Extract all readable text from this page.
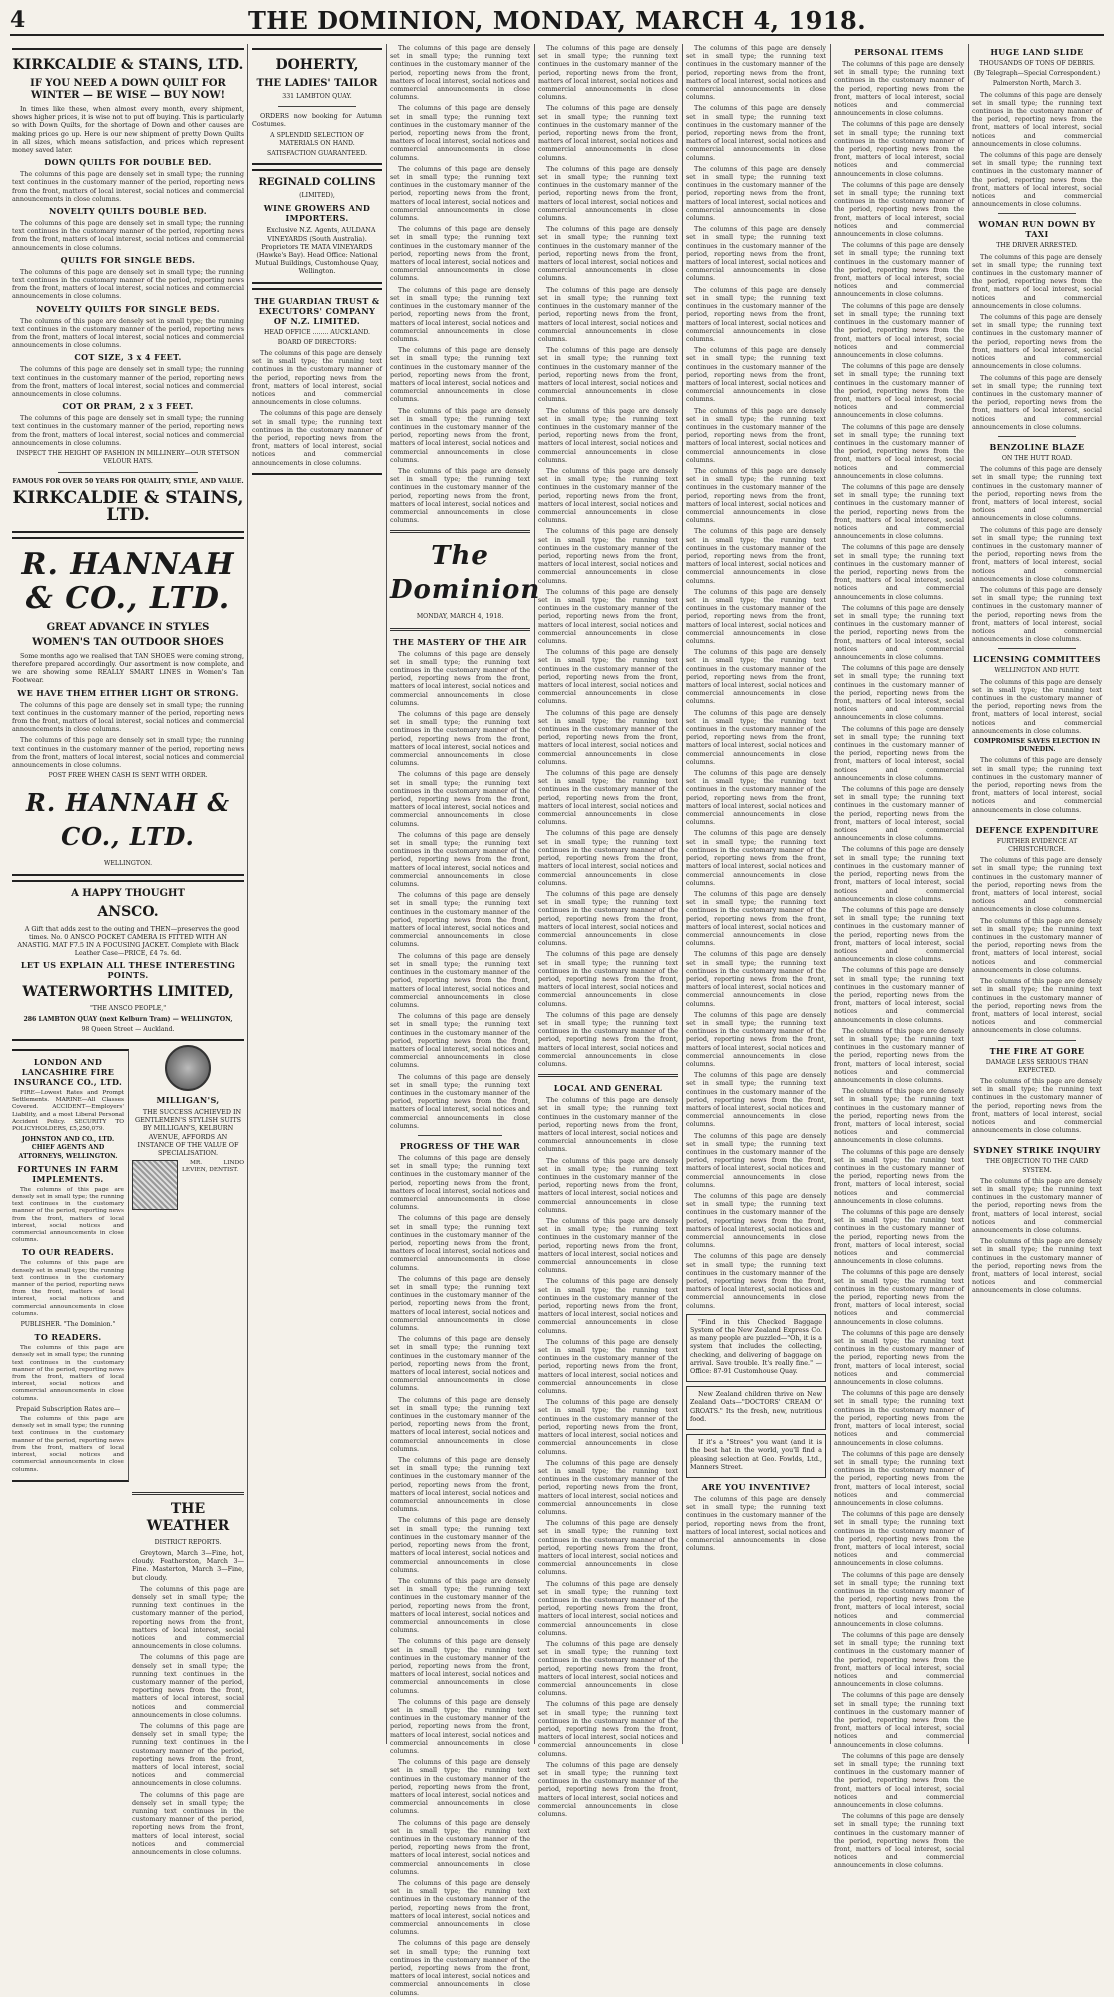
4	THE DOMINION, MONDAY, MARCH 4, 1918.
KIRKCALDIE & STAINS, LTD.
IF YOU NEED A DOWN QUILT FOR WINTER — BE WISE — BUY NOW!

In times like these, when almost every month, every shipment, shows higher prices, it is wise not to put off buying. This is particularly so with Down Quilts, for the shortage of Down and other causes are making prices go up. Here is our new shipment of pretty Down Quilts in all sizes, which means satisfaction, and prices which represent money saved later.

DOWN QUILTS FOR DOUBLE BED.

The columns of this page are densely set in small type; the running text continues in the customary manner of the period, reporting news from the front, matters of local interest, social notices and commercial announcements in close columns.

NOVELTY QUILTS DOUBLE BED.

The columns of this page are densely set in small type; the running text continues in the customary manner of the period, reporting news from the front, matters of local interest, social notices and commercial announcements in close columns.

QUILTS FOR SINGLE BEDS.

The columns of this page are densely set in small type; the running text continues in the customary manner of the period, reporting news from the front, matters of local interest, social notices and commercial announcements in close columns.

NOVELTY QUILTS FOR SINGLE BEDS.

The columns of this page are densely set in small type; the running text continues in the customary manner of the period, reporting news from the front, matters of local interest, social notices and commercial announcements in close columns.

COT SIZE, 3 x 4 FEET.

The columns of this page are densely set in small type; the running text continues in the customary manner of the period, reporting news from the front, matters of local interest, social notices and commercial announcements in close columns.

COT OR PRAM, 2 x 3 FEET.

The columns of this page are densely set in small type; the running text continues in the customary manner of the period, reporting news from the front, matters of local interest, social notices and commercial announcements in close columns.

INSPECT THE HEIGHT OF FASHION IN MILLINERY—OUR STETSON VELOUR HATS.
FAMOUS FOR OVER 50 YEARS FOR QUALITY, STYLE, AND VALUE.
KIRKCALDIE & STAINS, LTD.
R. HANNAH & CO., LTD.
GREAT ADVANCE IN STYLES
WOMEN'S TAN OUTDOOR SHOES

Some months ago we realised that TAN SHOES were coming strong, therefore prepared accordingly. Our assortment is now complete, and we are showing some REALLY SMART LINES in Women's Tan Footwear.

WE HAVE THEM EITHER LIGHT OR STRONG.

The columns of this page are densely set in small type; the running text continues in the customary manner of the period, reporting news from the front, matters of local interest, social notices and commercial announcements in close columns.

The columns of this page are densely set in small type; the running text continues in the customary manner of the period, reporting news from the front, matters of local interest, social notices and commercial announcements in close columns.

POST FREE WHEN CASH IS SENT WITH ORDER.
R. HANNAH & CO., LTD.
WELLINGTON.
A HAPPY THOUGHT
ANSCO.

A Gift that adds zest to the outing and THEN—preserves the good times. No. 0 ANSCO POCKET CAMERA IS FITTED WITH AN ANASTIG. MAT F7.5 IN A FOCUSING JACKET. Complete with Black Leather Case—PRICE, £4 7s. 6d.

LET US EXPLAIN ALL THESE INTERESTING POINTS.
WATERWORTHS LIMITED,
"THE ANSCO PEOPLE,"
286 LAMBTON QUAY (next Kelburn Tram) — WELLINGTON,
98 Queen Street — Auckland.
LONDON AND LANCASHIRE FIRE INSURANCE CO., LTD.

FIRE—Lowest Rates and Prompt Settlements. MARINE—All Classes Covered. ACCIDENT—Employers' Liability, and a most Liberal Personal Accident Policy. SECURITY TO POLICYHOLDERS, £5,250,079.

JOHNSTON AND CO., LTD. CHIEF AGENTS AND ATTORNEYS, WELLINGTON.
FORTUNES IN FARM IMPLEMENTS.

The columns of this page are densely set in small type; the running text continues in the customary manner of the period, reporting news from the front, matters of local interest, social notices and commercial announcements in close columns.

TO OUR READERS.

The columns of this page are densely set in small type; the running text continues in the customary manner of the period, reporting news from the front, matters of local interest, social notices and commercial announcements in close columns.

PUBLISHER. "The Dominion."
TO READERS.

The columns of this page are densely set in small type; the running text continues in the customary manner of the period, reporting news from the front, matters of local interest, social notices and commercial announcements in close columns.

Prepaid Subscription Rates are—

The columns of this page are densely set in small type; the running text continues in the customary manner of the period, reporting news from the front, matters of local interest, social notices and commercial announcements in close columns.

MILLIGAN'S,

THE SUCCESS ACHIEVED IN GENTLEMEN'S STYLISH SUITS BY MILLIGAN'S, KELBURN AVENUE, AFFORDS AN INSTANCE OF THE VALUE OF SPECIALISATION.

MR. LINDO LEVIEN, DENTIST.

THE WEATHER
DISTRICT REPORTS.

Greytown, March 3—Fine, hot, cloudy. Featherston, March 3—Fine. Masterton, March 3—Fine, but cloudy.

The columns of this page are densely set in small type; the running text continues in the customary manner of the period, reporting news from the front, matters of local interest, social notices and commercial announcements in close columns.

The columns of this page are densely set in small type; the running text continues in the customary manner of the period, reporting news from the front, matters of local interest, social notices and commercial announcements in close columns.

The columns of this page are densely set in small type; the running text continues in the customary manner of the period, reporting news from the front, matters of local interest, social notices and commercial announcements in close columns.

The columns of this page are densely set in small type; the running text continues in the customary manner of the period, reporting news from the front, matters of local interest, social notices and commercial announcements in close columns.

DOHERTY,
THE LADIES' TAILOR
331 LAMBTON QUAY.

ORDERS now booking for Autumn Costumes.

A SPLENDID SELECTION OF MATERIALS ON HAND.
SATISFACTION GUARANTEED.
REGINALD COLLINS
(LIMITED),
WINE GROWERS AND IMPORTERS.

Exclusive N.Z. Agents, AULDANA VINEYARDS (South Australia). Proprietors TE MATA VINEYARDS (Hawke's Bay). Head Office: National Mutual Buildings, Customhouse Quay, Wellington.

THE GUARDIAN TRUST & EXECUTORS' COMPANY OF N.Z. LIMITED.
HEAD OFFICE ........ AUCKLAND.
BOARD OF DIRECTORS:

The columns of this page are densely set in small type; the running text continues in the customary manner of the period, reporting news from the front, matters of local interest, social notices and commercial announcements in close columns.

The columns of this page are densely set in small type; the running text continues in the customary manner of the period, reporting news from the front, matters of local interest, social notices and commercial announcements in close columns.

The columns of this page are densely set in small type; the running text continues in the customary manner of the period, reporting news from the front, matters of local interest, social notices and commercial announcements in close columns.

The columns of this page are densely set in small type; the running text continues in the customary manner of the period, reporting news from the front, matters of local interest, social notices and commercial announcements in close columns.

The columns of this page are densely set in small type; the running text continues in the customary manner of the period, reporting news from the front, matters of local interest, social notices and commercial announcements in close columns.

The columns of this page are densely set in small type; the running text continues in the customary manner of the period, reporting news from the front, matters of local interest, social notices and commercial announcements in close columns.

The columns of this page are densely set in small type; the running text continues in the customary manner of the period, reporting news from the front, matters of local interest, social notices and commercial announcements in close columns.

The columns of this page are densely set in small type; the running text continues in the customary manner of the period, reporting news from the front, matters of local interest, social notices and commercial announcements in close columns.

The columns of this page are densely set in small type; the running text continues in the customary manner of the period, reporting news from the front, matters of local interest, social notices and commercial announcements in close columns.

The columns of this page are densely set in small type; the running text continues in the customary manner of the period, reporting news from the front, matters of local interest, social notices and commercial announcements in close columns.

The Dominion
MONDAY, MARCH 4, 1918.
THE MASTERY OF THE AIR

The columns of this page are densely set in small type; the running text continues in the customary manner of the period, reporting news from the front, matters of local interest, social notices and commercial announcements in close columns.

The columns of this page are densely set in small type; the running text continues in the customary manner of the period, reporting news from the front, matters of local interest, social notices and commercial announcements in close columns.

The columns of this page are densely set in small type; the running text continues in the customary manner of the period, reporting news from the front, matters of local interest, social notices and commercial announcements in close columns.

The columns of this page are densely set in small type; the running text continues in the customary manner of the period, reporting news from the front, matters of local interest, social notices and commercial announcements in close columns.

The columns of this page are densely set in small type; the running text continues in the customary manner of the period, reporting news from the front, matters of local interest, social notices and commercial announcements in close columns.

The columns of this page are densely set in small type; the running text continues in the customary manner of the period, reporting news from the front, matters of local interest, social notices and commercial announcements in close columns.

The columns of this page are densely set in small type; the running text continues in the customary manner of the period, reporting news from the front, matters of local interest, social notices and commercial announcements in close columns.

The columns of this page are densely set in small type; the running text continues in the customary manner of the period, reporting news from the front, matters of local interest, social notices and commercial announcements in close columns.

PROGRESS OF THE WAR

The columns of this page are densely set in small type; the running text continues in the customary manner of the period, reporting news from the front, matters of local interest, social notices and commercial announcements in close columns.

The columns of this page are densely set in small type; the running text continues in the customary manner of the period, reporting news from the front, matters of local interest, social notices and commercial announcements in close columns.

The columns of this page are densely set in small type; the running text continues in the customary manner of the period, reporting news from the front, matters of local interest, social notices and commercial announcements in close columns.

The columns of this page are densely set in small type; the running text continues in the customary manner of the period, reporting news from the front, matters of local interest, social notices and commercial announcements in close columns.

The columns of this page are densely set in small type; the running text continues in the customary manner of the period, reporting news from the front, matters of local interest, social notices and commercial announcements in close columns.

The columns of this page are densely set in small type; the running text continues in the customary manner of the period, reporting news from the front, matters of local interest, social notices and commercial announcements in close columns.

The columns of this page are densely set in small type; the running text continues in the customary manner of the period, reporting news from the front, matters of local interest, social notices and commercial announcements in close columns.

The columns of this page are densely set in small type; the running text continues in the customary manner of the period, reporting news from the front, matters of local interest, social notices and commercial announcements in close columns.

The columns of this page are densely set in small type; the running text continues in the customary manner of the period, reporting news from the front, matters of local interest, social notices and commercial announcements in close columns.

The columns of this page are densely set in small type; the running text continues in the customary manner of the period, reporting news from the front, matters of local interest, social notices and commercial announcements in close columns.

The columns of this page are densely set in small type; the running text continues in the customary manner of the period, reporting news from the front, matters of local interest, social notices and commercial announcements in close columns.

The columns of this page are densely set in small type; the running text continues in the customary manner of the period, reporting news from the front, matters of local interest, social notices and commercial announcements in close columns.

The columns of this page are densely set in small type; the running text continues in the customary manner of the period, reporting news from the front, matters of local interest, social notices and commercial announcements in close columns.

The columns of this page are densely set in small type; the running text continues in the customary manner of the period, reporting news from the front, matters of local interest, social notices and commercial announcements in close columns.

The columns of this page are densely set in small type; the running text continues in the customary manner of the period, reporting news from the front, matters of local interest, social notices and commercial announcements in close columns.

The columns of this page are densely set in small type; the running text continues in the customary manner of the period, reporting news from the front, matters of local interest, social notices and commercial announcements in close columns.

The columns of this page are densely set in small type; the running text continues in the customary manner of the period, reporting news from the front, matters of local interest, social notices and commercial announcements in close columns.

The columns of this page are densely set in small type; the running text continues in the customary manner of the period, reporting news from the front, matters of local interest, social notices and commercial announcements in close columns.

The columns of this page are densely set in small type; the running text continues in the customary manner of the period, reporting news from the front, matters of local interest, social notices and commercial announcements in close columns.

The columns of this page are densely set in small type; the running text continues in the customary manner of the period, reporting news from the front, matters of local interest, social notices and commercial announcements in close columns.

The columns of this page are densely set in small type; the running text continues in the customary manner of the period, reporting news from the front, matters of local interest, social notices and commercial announcements in close columns.

The columns of this page are densely set in small type; the running text continues in the customary manner of the period, reporting news from the front, matters of local interest, social notices and commercial announcements in close columns.

The columns of this page are densely set in small type; the running text continues in the customary manner of the period, reporting news from the front, matters of local interest, social notices and commercial announcements in close columns.

The columns of this page are densely set in small type; the running text continues in the customary manner of the period, reporting news from the front, matters of local interest, social notices and commercial announcements in close columns.

The columns of this page are densely set in small type; the running text continues in the customary manner of the period, reporting news from the front, matters of local interest, social notices and commercial announcements in close columns.

The columns of this page are densely set in small type; the running text continues in the customary manner of the period, reporting news from the front, matters of local interest, social notices and commercial announcements in close columns.

The columns of this page are densely set in small type; the running text continues in the customary manner of the period, reporting news from the front, matters of local interest, social notices and commercial announcements in close columns.

The columns of this page are densely set in small type; the running text continues in the customary manner of the period, reporting news from the front, matters of local interest, social notices and commercial announcements in close columns.

The columns of this page are densely set in small type; the running text continues in the customary manner of the period, reporting news from the front, matters of local interest, social notices and commercial announcements in close columns.

The columns of this page are densely set in small type; the running text continues in the customary manner of the period, reporting news from the front, matters of local interest, social notices and commercial announcements in close columns.

The columns of this page are densely set in small type; the running text continues in the customary manner of the period, reporting news from the front, matters of local interest, social notices and commercial announcements in close columns.

LOCAL AND GENERAL

The columns of this page are densely set in small type; the running text continues in the customary manner of the period, reporting news from the front, matters of local interest, social notices and commercial announcements in close columns.

The columns of this page are densely set in small type; the running text continues in the customary manner of the period, reporting news from the front, matters of local interest, social notices and commercial announcements in close columns.

The columns of this page are densely set in small type; the running text continues in the customary manner of the period, reporting news from the front, matters of local interest, social notices and commercial announcements in close columns.

The columns of this page are densely set in small type; the running text continues in the customary manner of the period, reporting news from the front, matters of local interest, social notices and commercial announcements in close columns.

The columns of this page are densely set in small type; the running text continues in the customary manner of the period, reporting news from the front, matters of local interest, social notices and commercial announcements in close columns.

The columns of this page are densely set in small type; the running text continues in the customary manner of the period, reporting news from the front, matters of local interest, social notices and commercial announcements in close columns.

The columns of this page are densely set in small type; the running text continues in the customary manner of the period, reporting news from the front, matters of local interest, social notices and commercial announcements in close columns.

The columns of this page are densely set in small type; the running text continues in the customary manner of the period, reporting news from the front, matters of local interest, social notices and commercial announcements in close columns.

The columns of this page are densely set in small type; the running text continues in the customary manner of the period, reporting news from the front, matters of local interest, social notices and commercial announcements in close columns.

The columns of this page are densely set in small type; the running text continues in the customary manner of the period, reporting news from the front, matters of local interest, social notices and commercial announcements in close columns.

The columns of this page are densely set in small type; the running text continues in the customary manner of the period, reporting news from the front, matters of local interest, social notices and commercial announcements in close columns.

The columns of this page are densely set in small type; the running text continues in the customary manner of the period, reporting news from the front, matters of local interest, social notices and commercial announcements in close columns.

The columns of this page are densely set in small type; the running text continues in the customary manner of the period, reporting news from the front, matters of local interest, social notices and commercial announcements in close columns.

The columns of this page are densely set in small type; the running text continues in the customary manner of the period, reporting news from the front, matters of local interest, social notices and commercial announcements in close columns.

The columns of this page are densely set in small type; the running text continues in the customary manner of the period, reporting news from the front, matters of local interest, social notices and commercial announcements in close columns.

The columns of this page are densely set in small type; the running text continues in the customary manner of the period, reporting news from the front, matters of local interest, social notices and commercial announcements in close columns.

The columns of this page are densely set in small type; the running text continues in the customary manner of the period, reporting news from the front, matters of local interest, social notices and commercial announcements in close columns.

The columns of this page are densely set in small type; the running text continues in the customary manner of the period, reporting news from the front, matters of local interest, social notices and commercial announcements in close columns.

The columns of this page are densely set in small type; the running text continues in the customary manner of the period, reporting news from the front, matters of local interest, social notices and commercial announcements in close columns.

The columns of this page are densely set in small type; the running text continues in the customary manner of the period, reporting news from the front, matters of local interest, social notices and commercial announcements in close columns.

The columns of this page are densely set in small type; the running text continues in the customary manner of the period, reporting news from the front, matters of local interest, social notices and commercial announcements in close columns.

The columns of this page are densely set in small type; the running text continues in the customary manner of the period, reporting news from the front, matters of local interest, social notices and commercial announcements in close columns.

The columns of this page are densely set in small type; the running text continues in the customary manner of the period, reporting news from the front, matters of local interest, social notices and commercial announcements in close columns.

The columns of this page are densely set in small type; the running text continues in the customary manner of the period, reporting news from the front, matters of local interest, social notices and commercial announcements in close columns.

The columns of this page are densely set in small type; the running text continues in the customary manner of the period, reporting news from the front, matters of local interest, social notices and commercial announcements in close columns.

The columns of this page are densely set in small type; the running text continues in the customary manner of the period, reporting news from the front, matters of local interest, social notices and commercial announcements in close columns.

The columns of this page are densely set in small type; the running text continues in the customary manner of the period, reporting news from the front, matters of local interest, social notices and commercial announcements in close columns.

The columns of this page are densely set in small type; the running text continues in the customary manner of the period, reporting news from the front, matters of local interest, social notices and commercial announcements in close columns.

The columns of this page are densely set in small type; the running text continues in the customary manner of the period, reporting news from the front, matters of local interest, social notices and commercial announcements in close columns.

The columns of this page are densely set in small type; the running text continues in the customary manner of the period, reporting news from the front, matters of local interest, social notices and commercial announcements in close columns.

The columns of this page are densely set in small type; the running text continues in the customary manner of the period, reporting news from the front, matters of local interest, social notices and commercial announcements in close columns.

The columns of this page are densely set in small type; the running text continues in the customary manner of the period, reporting news from the front, matters of local interest, social notices and commercial announcements in close columns.

The columns of this page are densely set in small type; the running text continues in the customary manner of the period, reporting news from the front, matters of local interest, social notices and commercial announcements in close columns.

"Find in this Checked Baggage System of the New Zealand Express Co. as many people are puzzled—"Oh, it is a system that includes the collecting, checking, and delivering of baggage on arrival. Save trouble. It's really fine." — Office: 87-91 Customhouse Quay.

New Zealand children thrive on New Zealand Oats—"DOCTORS' CREAM O' GROATS." Its the fresh, new, nutritious food.

If it's a "Strees" you want (and it is the best hat in the world, you'll find a pleasing selection at Geo. Fowlds, Ltd., Manners Street.

ARE YOU INVENTIVE?

The columns of this page are densely set in small type; the running text continues in the customary manner of the period, reporting news from the front, matters of local interest, social notices and commercial announcements in close columns.

PERSONAL ITEMS

The columns of this page are densely set in small type; the running text continues in the customary manner of the period, reporting news from the front, matters of local interest, social notices and commercial announcements in close columns.

The columns of this page are densely set in small type; the running text continues in the customary manner of the period, reporting news from the front, matters of local interest, social notices and commercial announcements in close columns.

The columns of this page are densely set in small type; the running text continues in the customary manner of the period, reporting news from the front, matters of local interest, social notices and commercial announcements in close columns.

The columns of this page are densely set in small type; the running text continues in the customary manner of the period, reporting news from the front, matters of local interest, social notices and commercial announcements in close columns.

The columns of this page are densely set in small type; the running text continues in the customary manner of the period, reporting news from the front, matters of local interest, social notices and commercial announcements in close columns.

The columns of this page are densely set in small type; the running text continues in the customary manner of the period, reporting news from the front, matters of local interest, social notices and commercial announcements in close columns.

The columns of this page are densely set in small type; the running text continues in the customary manner of the period, reporting news from the front, matters of local interest, social notices and commercial announcements in close columns.

The columns of this page are densely set in small type; the running text continues in the customary manner of the period, reporting news from the front, matters of local interest, social notices and commercial announcements in close columns.

The columns of this page are densely set in small type; the running text continues in the customary manner of the period, reporting news from the front, matters of local interest, social notices and commercial announcements in close columns.

The columns of this page are densely set in small type; the running text continues in the customary manner of the period, reporting news from the front, matters of local interest, social notices and commercial announcements in close columns.

The columns of this page are densely set in small type; the running text continues in the customary manner of the period, reporting news from the front, matters of local interest, social notices and commercial announcements in close columns.

The columns of this page are densely set in small type; the running text continues in the customary manner of the period, reporting news from the front, matters of local interest, social notices and commercial announcements in close columns.

The columns of this page are densely set in small type; the running text continues in the customary manner of the period, reporting news from the front, matters of local interest, social notices and commercial announcements in close columns.

The columns of this page are densely set in small type; the running text continues in the customary manner of the period, reporting news from the front, matters of local interest, social notices and commercial announcements in close columns.

The columns of this page are densely set in small type; the running text continues in the customary manner of the period, reporting news from the front, matters of local interest, social notices and commercial announcements in close columns.

The columns of this page are densely set in small type; the running text continues in the customary manner of the period, reporting news from the front, matters of local interest, social notices and commercial announcements in close columns.

The columns of this page are densely set in small type; the running text continues in the customary manner of the period, reporting news from the front, matters of local interest, social notices and commercial announcements in close columns.

The columns of this page are densely set in small type; the running text continues in the customary manner of the period, reporting news from the front, matters of local interest, social notices and commercial announcements in close columns.

The columns of this page are densely set in small type; the running text continues in the customary manner of the period, reporting news from the front, matters of local interest, social notices and commercial announcements in close columns.

The columns of this page are densely set in small type; the running text continues in the customary manner of the period, reporting news from the front, matters of local interest, social notices and commercial announcements in close columns.

The columns of this page are densely set in small type; the running text continues in the customary manner of the period, reporting news from the front, matters of local interest, social notices and commercial announcements in close columns.

The columns of this page are densely set in small type; the running text continues in the customary manner of the period, reporting news from the front, matters of local interest, social notices and commercial announcements in close columns.

The columns of this page are densely set in small type; the running text continues in the customary manner of the period, reporting news from the front, matters of local interest, social notices and commercial announcements in close columns.

The columns of this page are densely set in small type; the running text continues in the customary manner of the period, reporting news from the front, matters of local interest, social notices and commercial announcements in close columns.

The columns of this page are densely set in small type; the running text continues in the customary manner of the period, reporting news from the front, matters of local interest, social notices and commercial announcements in close columns.

The columns of this page are densely set in small type; the running text continues in the customary manner of the period, reporting news from the front, matters of local interest, social notices and commercial announcements in close columns.

The columns of this page are densely set in small type; the running text continues in the customary manner of the period, reporting news from the front, matters of local interest, social notices and commercial announcements in close columns.

The columns of this page are densely set in small type; the running text continues in the customary manner of the period, reporting news from the front, matters of local interest, social notices and commercial announcements in close columns.

The columns of this page are densely set in small type; the running text continues in the customary manner of the period, reporting news from the front, matters of local interest, social notices and commercial announcements in close columns.

The columns of this page are densely set in small type; the running text continues in the customary manner of the period, reporting news from the front, matters of local interest, social notices and commercial announcements in close columns.

HUGE LAND SLIDE
THOUSANDS OF TONS OF DEBRIS.
(By Telegraph—Special Correspondent.)
Palmerston North, March 3.

The columns of this page are densely set in small type; the running text continues in the customary manner of the period, reporting news from the front, matters of local interest, social notices and commercial announcements in close columns.

The columns of this page are densely set in small type; the running text continues in the customary manner of the period, reporting news from the front, matters of local interest, social notices and commercial announcements in close columns.

WOMAN RUN DOWN BY TAXI
THE DRIVER ARRESTED.

The columns of this page are densely set in small type; the running text continues in the customary manner of the period, reporting news from the front, matters of local interest, social notices and commercial announcements in close columns.

The columns of this page are densely set in small type; the running text continues in the customary manner of the period, reporting news from the front, matters of local interest, social notices and commercial announcements in close columns.

The columns of this page are densely set in small type; the running text continues in the customary manner of the period, reporting news from the front, matters of local interest, social notices and commercial announcements in close columns.

BENZOLINE BLAZE
ON THE HUTT ROAD.

The columns of this page are densely set in small type; the running text continues in the customary manner of the period, reporting news from the front, matters of local interest, social notices and commercial announcements in close columns.

The columns of this page are densely set in small type; the running text continues in the customary manner of the period, reporting news from the front, matters of local interest, social notices and commercial announcements in close columns.

The columns of this page are densely set in small type; the running text continues in the customary manner of the period, reporting news from the front, matters of local interest, social notices and commercial announcements in close columns.

LICENSING COMMITTEES
WELLINGTON AND HUTT.

The columns of this page are densely set in small type; the running text continues in the customary manner of the period, reporting news from the front, matters of local interest, social notices and commercial announcements in close columns.

COMPROMISE SAVES ELECTION IN DUNEDIN.

The columns of this page are densely set in small type; the running text continues in the customary manner of the period, reporting news from the front, matters of local interest, social notices and commercial announcements in close columns.

DEFENCE EXPENDITURE
FURTHER EVIDENCE AT CHRISTCHURCH.

The columns of this page are densely set in small type; the running text continues in the customary manner of the period, reporting news from the front, matters of local interest, social notices and commercial announcements in close columns.

The columns of this page are densely set in small type; the running text continues in the customary manner of the period, reporting news from the front, matters of local interest, social notices and commercial announcements in close columns.

The columns of this page are densely set in small type; the running text continues in the customary manner of the period, reporting news from the front, matters of local interest, social notices and commercial announcements in close columns.

THE FIRE AT GORE
DAMAGE LESS SERIOUS THAN EXPECTED.

The columns of this page are densely set in small type; the running text continues in the customary manner of the period, reporting news from the front, matters of local interest, social notices and commercial announcements in close columns.

SYDNEY STRIKE INQUIRY
THE OBJECTION TO THE CARD SYSTEM.

The columns of this page are densely set in small type; the running text continues in the customary manner of the period, reporting news from the front, matters of local interest, social notices and commercial announcements in close columns.

The columns of this page are densely set in small type; the running text continues in the customary manner of the period, reporting news from the front, matters of local interest, social notices and commercial announcements in close columns.
